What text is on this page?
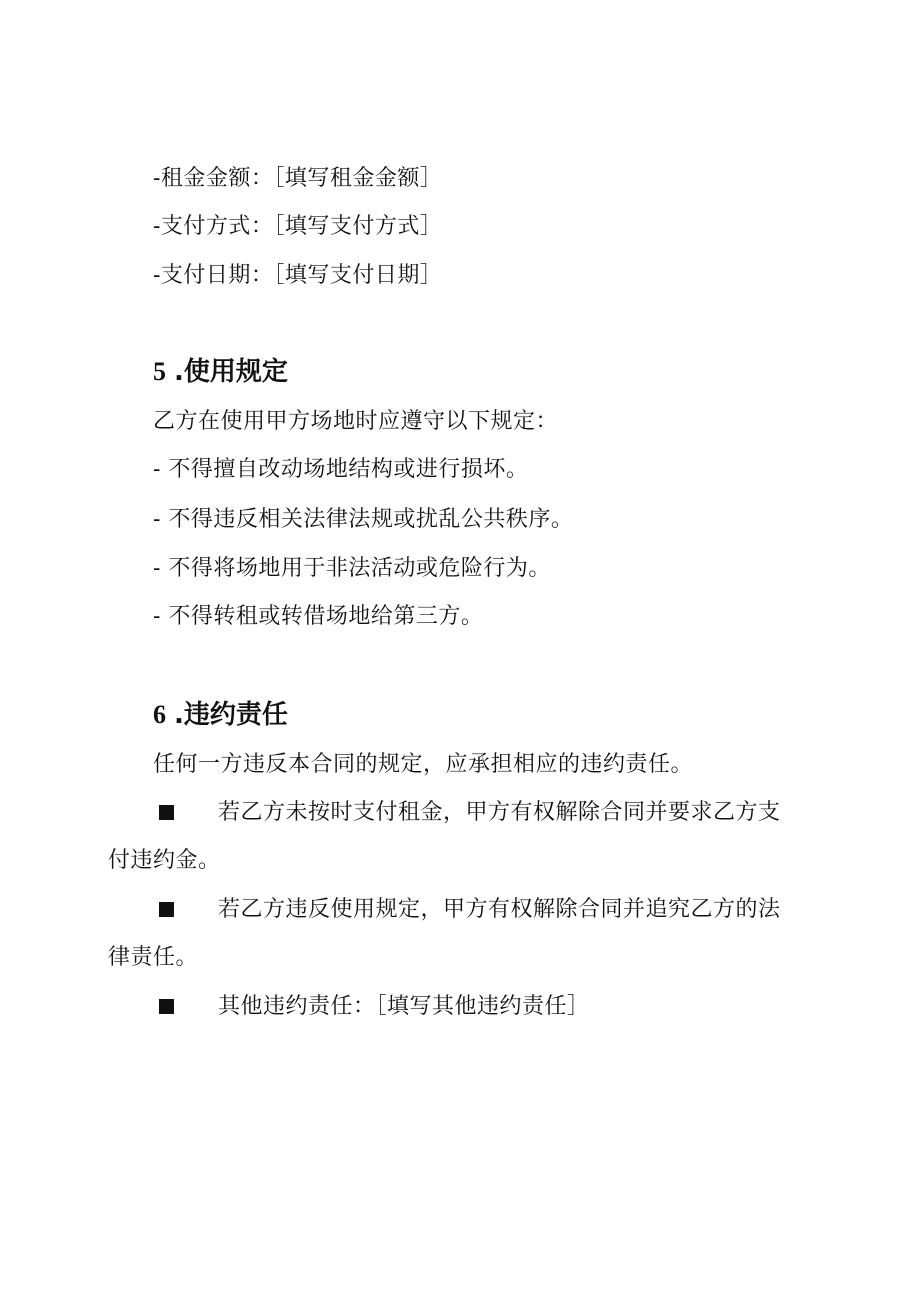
-租金金额：［填写租金金额］
-支付方式：［填写支付方式］
-支付日期：［填写支付日期］
5 .使用规定
乙方在使用甲方场地时应遵守以下规定：
- 不得擅自改动场地结构或进行损坏。
- 不得违反相关法律法规或扰乱公共秩序。
- 不得将场地用于非法活动或危险行为。
- 不得转租或转借场地给第三方。
6 .违约责任
任何一方违反本合同的规定，应承担相应的违约责任。
若乙方未按时支付租金，甲方有权解除合同并要求乙方支
付违约金。
若乙方违反使用规定，甲方有权解除合同并追究乙方的法
律责任。
其他违约责任：［填写其他违约责任］
